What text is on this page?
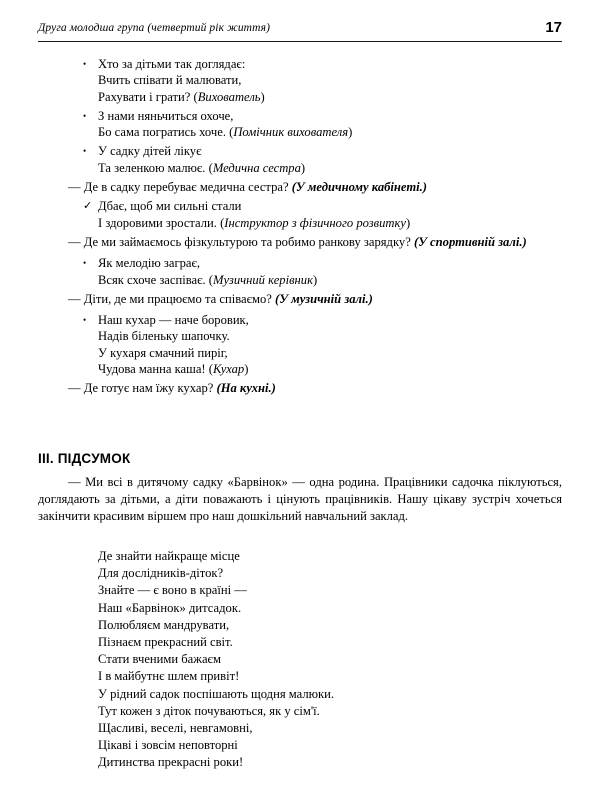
Друга молодша група (четвертий рік життя)	17
• Хто за дітьми так доглядає:
Вчить співати й малювати,
Рахувати і грати? (Вихователь)
• З нами няньчиться охоче,
Бо сама погратись хоче. (Помічник вихователя)
• У садку дітей лікує
Та зеленкою малює. (Медична сестра)
— Де в садку перебуває медична сестра? (У медичному кабінеті.)
✓ Дбає, щоб ми сильні стали
І здоровими зростали. (Інструктор з фізичного розвитку)
— Де ми займаємось фізкультурою та робимо ранкову зарядку? (У спортивній залі.)
• Як мелодію заграє,
Всяк схоче заспіває. (Музичний керівник)
— Діти, де ми працюємо та співаємо? (У музичній залі.)
• Наш кухар — наче боровик,
Надів біленьку шапочку.
У кухаря смачний пиріг,
Чудова манна каша! (Кухар)
— Де готує нам їжу кухар? (На кухні.)
III. ПІДСУМОК
— Ми всі в дитячому садку «Барвінок» — одна родина. Працівники садочка піклуються, доглядають за дітьми, а діти поважають і цінують працівників. Нашу цікаву зустріч хочеться закінчити красивим віршем про наш дошкільний навчальний заклад.
Де знайти найкраще місце
Для дослідників-діток?
Знайте — є воно в країні —
Наш «Барвінок» дитсадок.
Полюбляєм мандрувати,
Пізнаєм прекрасний світ.
Стати вченими бажаєм
І в майбутнє шлем привіт!
У рідний садок поспішають щодня малюки.
Тут кожен з діток почуваються, як у сім'ї.
Щасливі, веселі, невгамовні,
Цікаві і зовсім неповторні
Дитинства прекрасні роки!
